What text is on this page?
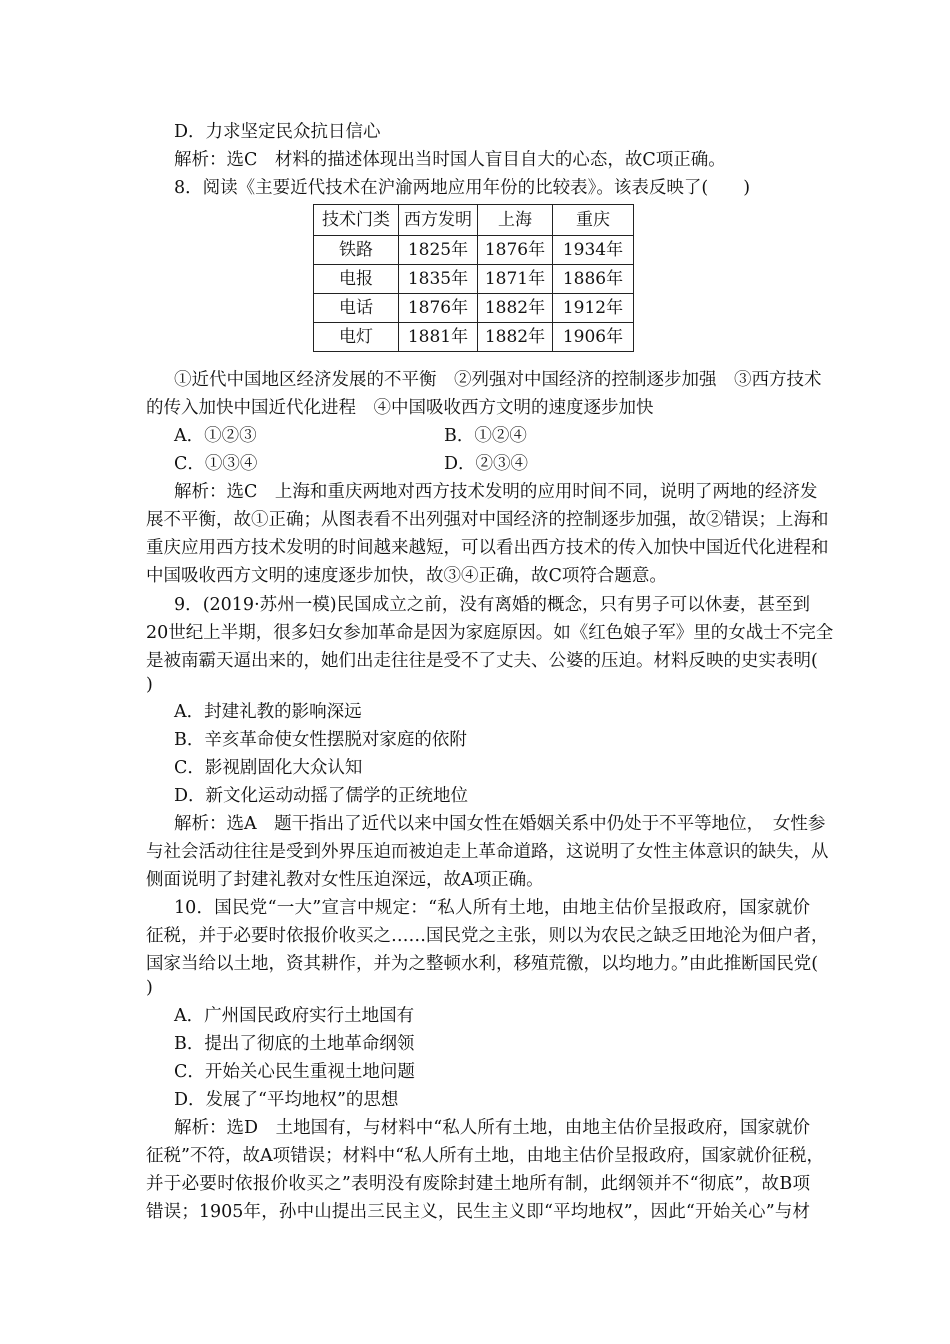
D．力求坚定民众抗日信心
解析：选C　材料的描述体现出当时国人盲目自大的心态，故C项正确。
8．阅读《主要近代技术在沪渝两地应用年份的比较表》。该表反映了(　　)
技术门类	西方发明	上海	重庆
铁路	1825年	1876年	1934年
电报	1835年	1871年	1886年
电话	1876年	1882年	1912年
电灯	1881年	1882年	1906年
①近代中国地区经济发展的不平衡　②列强对中国经济的控制逐步加强　③西方技术
的传入加快中国近代化进程　④中国吸收西方文明的速度逐步加快
A．①②③	B．①②④
C．①③④	D．②③④
解析：选C　上海和重庆两地对西方技术发明的应用时间不同，说明了两地的经济发
展不平衡，故①正确；从图表看不出列强对中国经济的控制逐步加强，故②错误；上海和
重庆应用西方技术发明的时间越来越短，可以看出西方技术的传入加快中国近代化进程和
中国吸收西方文明的速度逐步加快，故③④正确，故C项符合题意。
9．(2019·苏州一模)民国成立之前，没有离婚的概念，只有男子可以休妻，甚至到
20世纪上半期，很多妇女参加革命是因为家庭原因。如《红色娘子军》里的女战士不完全
是被南霸天逼出来的，她们出走往往是受不了丈夫、公婆的压迫。材料反映的史实表明(
)
A．封建礼教的影响深远
B．辛亥革命使女性摆脱对家庭的依附
C．影视剧固化大众认知
D．新文化运动动摇了儒学的正统地位
解析：选A　题干指出了近代以来中国女性在婚姻关系中仍处于不平等地位，　女性参
与社会活动往往是受到外界压迫而被迫走上革命道路，这说明了女性主体意识的缺失，从
侧面说明了封建礼教对女性压迫深远，故A项正确。
10．国民党“一大”宣言中规定：“私人所有土地，由地主估价呈报政府，国家就价
征税，并于必要时依报价收买之……国民党之主张，则以为农民之缺乏田地沦为佃户者，
国家当给以土地，资其耕作，并为之整顿水利，移殖荒徼，以均地力。”由此推断国民党(
)
A．广州国民政府实行土地国有
B．提出了彻底的土地革命纲领
C．开始关心民生重视土地问题
D．发展了“平均地权”的思想
解析：选D　土地国有，与材料中“私人所有土地，由地主估价呈报政府，国家就价
征税”不符，故A项错误；材料中“私人所有土地，由地主估价呈报政府，国家就价征税，
并于必要时依报价收买之”表明没有废除封建土地所有制，此纲领并不“彻底”，故B项
错误；1905年，孙中山提出三民主义，民生主义即“平均地权”，因此“开始关心”与材
